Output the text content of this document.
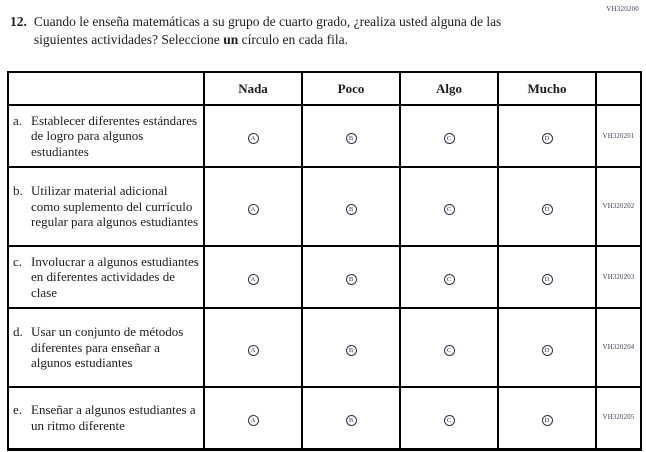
VH320200
12. Cuando le enseña matemáticas a su grupo de cuarto grado, ¿realiza usted alguna de las siguientes actividades? Seleccione un círculo en cada fila.
	Nada	Poco	Algo	Mucho	

a. Establecer diferentes estándares de logro para algunos estudiantes	A	B	C	D	VH320201

b. Utilizar material adicional como suplemento del currículo regular para algunos estudiantes	A	B	C	D	VH320202

c. Involucrar a algunos estudiantes en diferentes actividades de clase	A	B	C	D	VH320203

d. Usar un conjunto de métodos diferentes para enseñar a algunos estudiantes	A	B	C	D	VH320204

e. Enseñar a algunos estudiantes a un ritmo diferente	A	B	C	D	VH320205
